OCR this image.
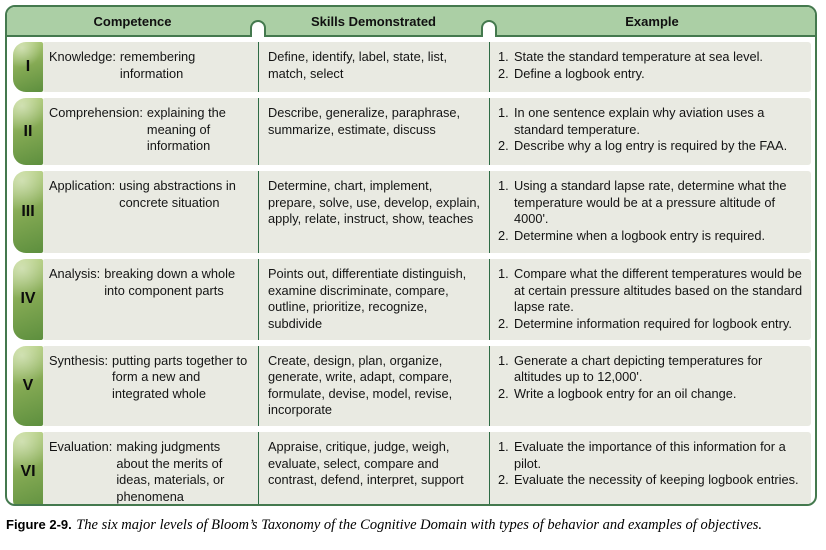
Competence	Skills Demonstrated	Example
I
Knowledge: remembering information
Define, identify, label, state, list, match, select
1. State the standard temperature at sea level.
2. Define a logbook entry.
II
Comprehension: explaining the meaning of information
Describe, generalize, paraphrase, summarize, estimate, discuss
1. In one sentence explain why aviation uses a standard temperature.
2. Describe why a log entry is required by the FAA.
III
Application: using abstractions in concrete situation
Determine, chart, implement, prepare, solve, use, develop, explain, apply, relate, instruct, show, teaches
1. Using a standard lapse rate, determine what the temperature would be at a pressure altitude of 4000'.
2. Determine when a logbook entry is required.
IV
Analysis: breaking down a whole into component parts
Points out, differentiate distinguish, examine discriminate, compare, outline, prioritize, recognize, subdivide
1. Compare what the different temperatures would be at certain pressure altitudes based on the standard lapse rate.
2. Determine information required for logbook entry.
V
Synthesis: putting parts together to form a new and integrated whole
Create, design, plan, organize, generate, write, adapt, compare, formulate, devise, model, revise, incorporate
1. Generate a chart depicting temperatures for altitudes up to 12,000'.
2. Write a logbook entry for an oil change.
VI
Evaluation: making judgments about the merits of ideas, materials, or phenomena
Appraise, critique, judge, weigh, evaluate, select, compare and contrast, defend, interpret, support
1. Evaluate the importance of this information for a pilot.
2. Evaluate the necessity of keeping logbook entries.
Figure 2-9. The six major levels of Bloom’s Taxonomy of the Cognitive Domain with types of behavior and examples of objectives.
